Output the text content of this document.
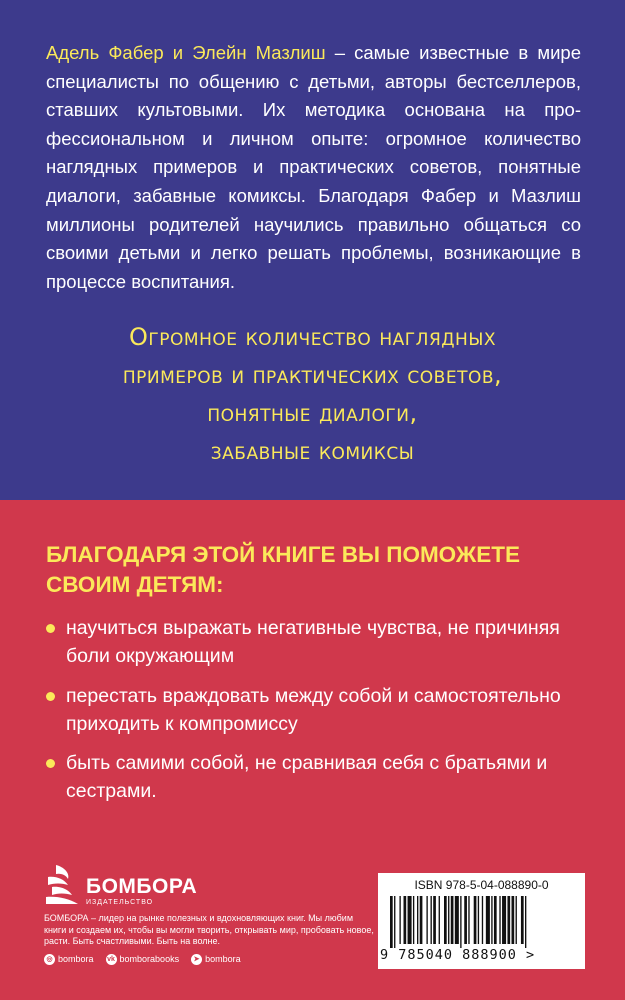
Адель Фабер и Элейн Мазлиш – самые известные в мире специалисты по общению с детьми, авторы бестселлеров, ставших культовыми. Их методика основана на профессиональном и личном опыте: огромное количество наглядных примеров и практических советов, понятные диалоги, забавные комиксы. Благодаря Фабер и Мазлиш миллионы родителей научились правильно общаться со своими детьми и легко решать проблемы, возникающие в процессе воспитания.

Огромное количество наглядных
примеров и практических советов,
понятные диалоги,
забавные комиксы
БЛАГОДАРЯ ЭТОЙ КНИГЕ ВЫ ПОМОЖЕТЕ СВОИМ ДЕТЯМ:
научиться выражать негативные чувства, не причиняя боли окружающим
перестать враждовать между собой и самостоятельно приходить к компромиссу
быть самими собой, не сравнивая себя с братьями и сестрами.
БОМБОРА
ИЗДАТЕЛЬСТВО
БОМБОРА – лидер на рынке полезных и вдохновляющих книг. Мы любим книги и создаем их, чтобы вы могли творить, открывать мир, пробовать новое, расти. Быть счастливыми. Быть на волне.
◎ bombora vk bomborabooks	➤ bombora
ISBN 978-5-04-088890-0
9 785040 888900 >
